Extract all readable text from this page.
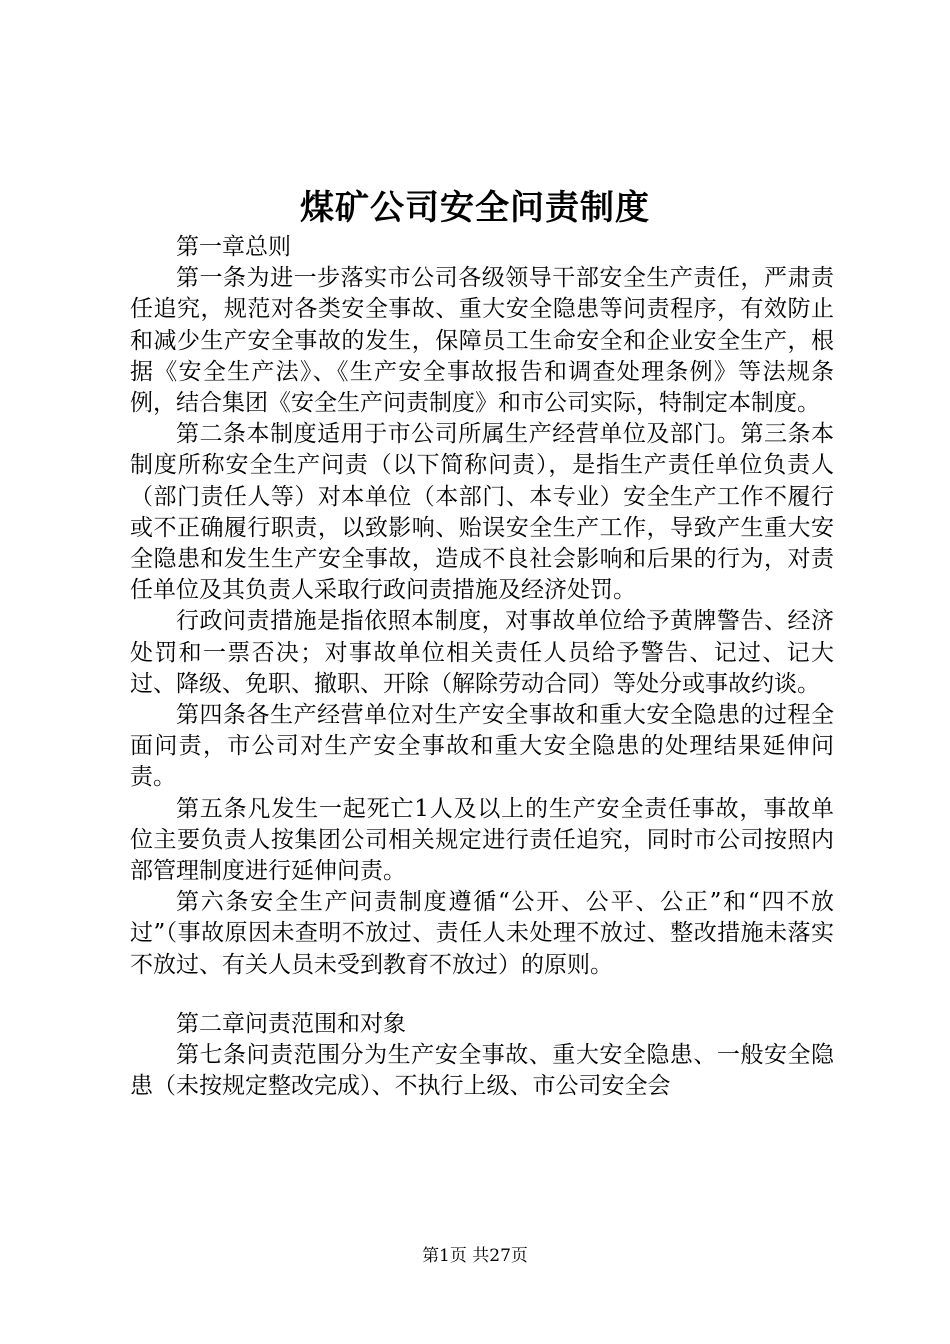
煤矿公司安全问责制度

第一章总则

第一条为进一步落实市公司各级领导干部安全生产责任，严肃责任追究，规范对各类安全事故、重大安全隐患等问责程序，有效防止和减少生产安全事故的发生，保障员工生命安全和企业安全生产，根据《安全生产法》、《生产安全事故报告和调查处理条例》等法规条例，结合集团《安全生产问责制度》和市公司实际，特制定本制度。

第二条本制度适用于市公司所属生产经营单位及部门。第三条本制度所称安全生产问责（以下简称问责），是指生产责任单位负责人（部门责任人等）对本单位（本部门、本专业）安全生产工作不履行或不正确履行职责，以致影响、贻误安全生产工作，导致产生重大安全隐患和发生生产安全事故，造成不良社会影响和后果的行为，对责任单位及其负责人采取行政问责措施及经济处罚。

行政问责措施是指依照本制度，对事故单位给予黄牌警告、经济处罚和一票否决；对事故单位相关责任人员给予警告、记过、记大过、降级、免职、撤职、开除（解除劳动合同）等处分或事故约谈。

第四条各生产经营单位对生产安全事故和重大安全隐患的过程全面问责，市公司对生产安全事故和重大安全隐患的处理结果延伸问责。

第五条凡发生一起死亡1人及以上的生产安全责任事故，事故单位主要负责人按集团公司相关规定进行责任追究，同时市公司按照内部管理制度进行延伸问责。

第六条安全生产问责制度遵循“公开、公平、公正”和“四不放过”（事故原因未查明不放过、责任人未处理不放过、整改措施未落实不放过、有关人员未受到教育不放过）的原则。

第二章问责范围和对象

第七条问责范围分为生产安全事故、重大安全隐患、一般安全隐患（未按规定整改完成）、不执行上级、市公司安全会

第1页 共27页
